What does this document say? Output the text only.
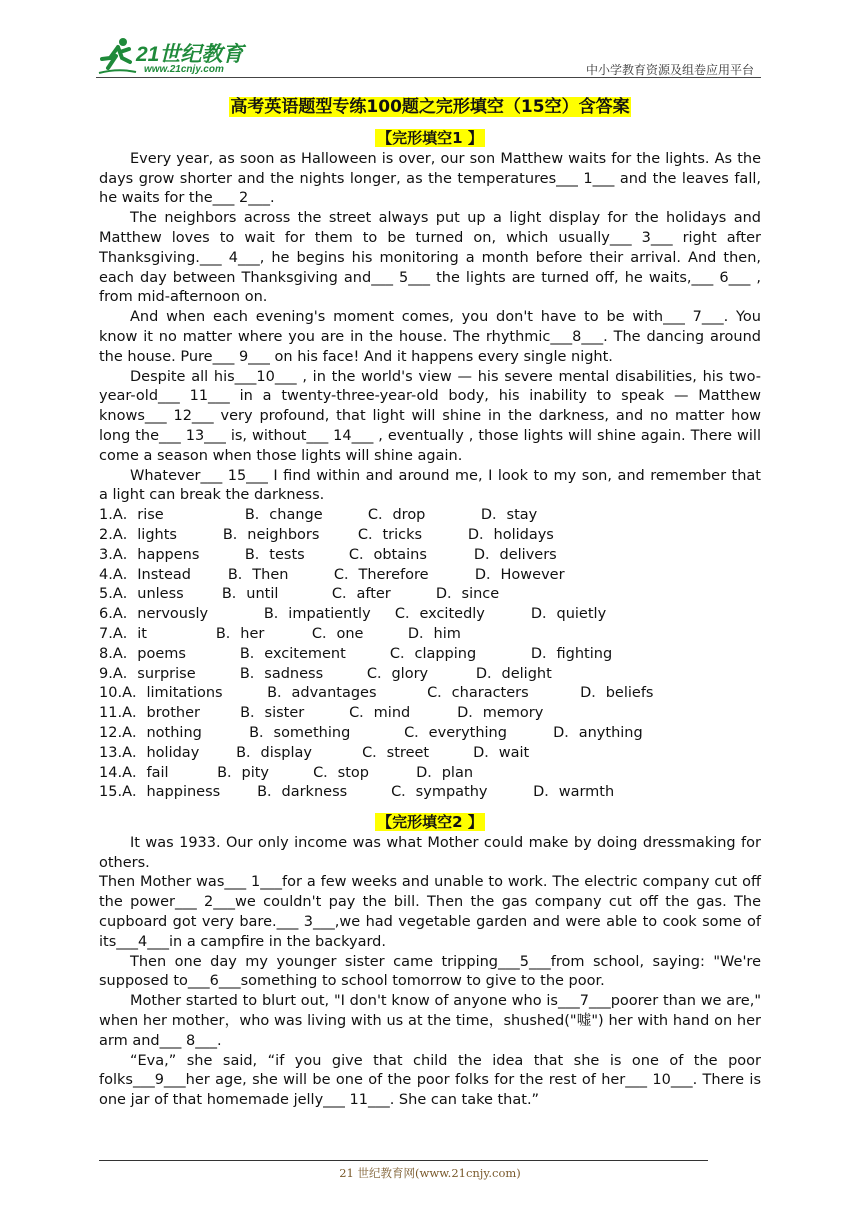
21世纪教育
www.21cnjy.com	中小学教育资源及组卷应用平台
高考英语题型专练100题之完形填空（15空）含答案
【完形填空1 】

Every year, as soon as Halloween is over, our son Matthew waits for the lights. As the days grow shorter and the nights longer, as the temperatures___ 1___ and the leaves fall, he waits for the___ 2___.

The neighbors across the street always put up a light display for the holidays and Matthew loves to wait for them to be turned on, which usually___ 3___ right after Thanksgiving.___ 4___, he begins his monitoring a month before their arrival. And then, each day between Thanksgiving and___ 5___ the lights are turned off, he waits,___ 6___ , from mid-afternoon on.

And when each evening's moment comes, you don't have to be with___ 7___. You know it no matter where you are in the house. The rhythmic___8___. The dancing around the house. Pure___ 9___ on his face! And it happens every single night.

Despite all his___10___ , in the world's view — his severe mental disabilities, his two-year-old___ 11___ in a twenty-three-year-old body, his inability to speak — Matthew knows___ 12___ very profound, that light will shine in the darkness, and no matter how long the___ 13___ is, without___ 14___ , eventually , those lights will shine again. There will come a season when those lights will shine again.

Whatever___ 15___ I find within and around me, I look to my son, and remember that a light can break the darkness.

1. A．rise	B．change	C．drop	D．stay
2. A．lights	B．neighbors	C．tricks	D．holidays
3. A．happens	B．tests	C．obtains	D．delivers
4. A．Instead	B．Then	C．Therefore	D．However
5. A．unless	B．until	C．after	D．since
6. A．nervously	B．impatiently	C．excitedly	D．quietly
7. A．it	B．her	C．one	D．him
8. A．poems	B．excitement	C．clapping	D．fighting
9. A．surprise	B．sadness	C．glory	D．delight
10. A．limitations	B．advantages	C．characters	D．beliefs
11. A．brother	B．sister	C．mind	D．memory
12. A．nothing	B．something	C．everything	D．anything
13. A．holiday	B．display	C．street	D．wait
14. A．fail	B．pity	C．stop	D．plan
15. A．happiness	B．darkness	C．sympathy	D．warmth
【完形填空2 】

It was 1933. Our only income was what Mother could make by doing dressmaking for others.

Then Mother was___ 1___for a few weeks and unable to work. The electric company cut off the power___ 2___we couldn't pay the bill. Then the gas company cut off the gas. The cupboard got very bare.___ 3___,we had vegetable garden and were able to cook some of its___4___in a campfire in the backyard.

Then one day my younger sister came tripping___5___from school, saying: "We're supposed to___6___something to school tomorrow to give to the poor.

Mother started to blurt out, "I don't know of anyone who is___7___poorer than we are," when her mother，who was living with us at the time，shushed("嘘") her with hand on her arm and___ 8___.

“Eva,” she said, “if you give that child the idea that she is one of the poor folks___9___her age, she will be one of the poor folks for the rest of her___ 10___. There is one jar of that homemade jelly___ 11___. She can take that.”

21 世纪教育网(www.21cnjy.com)
